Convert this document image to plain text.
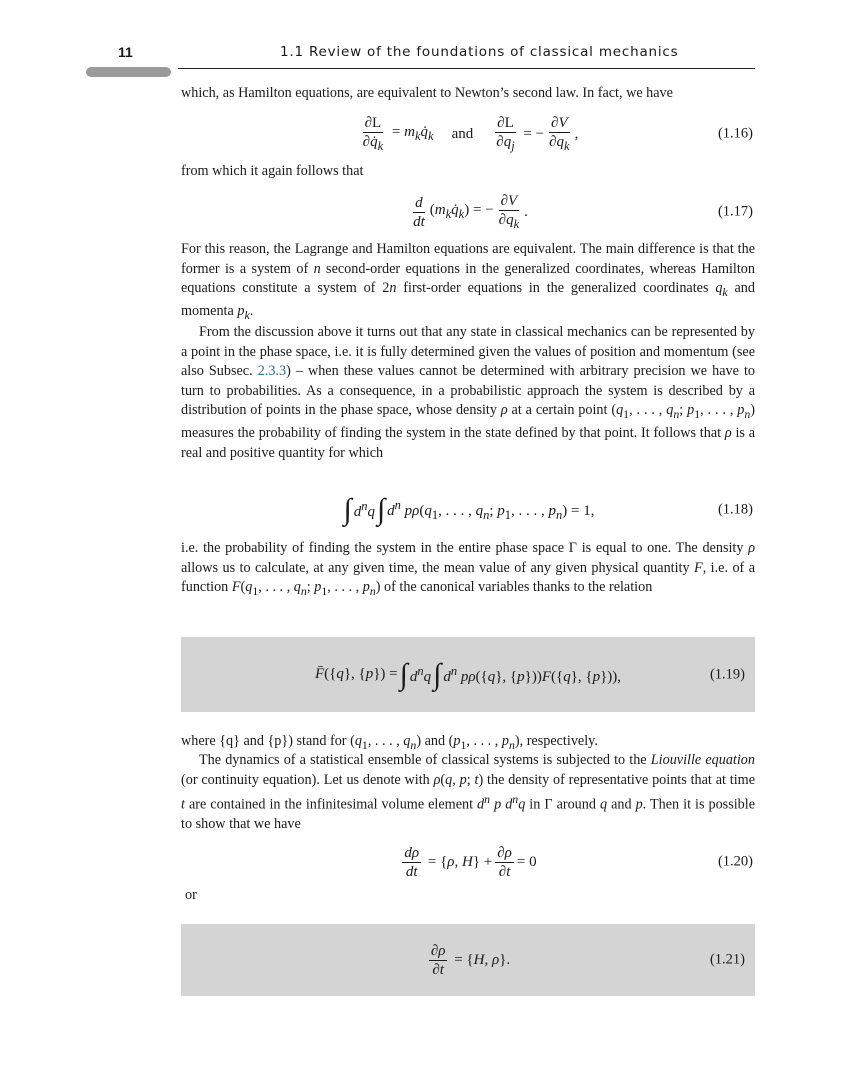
11	1.1 Review of the foundations of classical mechanics
which, as Hamilton equations, are equivalent to Newton’s second law. In fact, we have
$\frac{\partial L}{\partial q̇_k}$ = $m_kq̇_k$ and $\frac{\partial L}{\partial q_j}$ = − $\frac{\partial V}{\partial q_k}$ ,	(1.16)
from which it again follows that
$\frac{d}{dt}$ $(m_kq̇_k)$ = − $\frac{\partial V}{\partial q_k}$ .	(1.17)
For this reason, the Lagrange and Hamilton equations are equivalent. The main difference is that the former is a system of n second-order equations in the generalized coordinates, whereas Hamilton equations constitute a system of 2n first-order equations in the generalized coordinates $q_k$ and momenta $p_k$.
From the discussion above it turns out that any state in classical mechanics can be represented by a point in the phase space, i.e. it is fully determined given the values of position and momentum (see also Subsec. 2.3.3) – when these values cannot be determined with arbitrary precision we have to turn to probabilities. As a consequence, in a probabilistic approach the system is described by a distribution of points in the phase space, whose density ρ at a certain point ($q_1$, . . . , $q_n$; $p_1$, . . . , $p_n$) measures the probability of finding the system in the state defined by that point. It follows that ρ is a real and positive quantity for which
∫ $d^nq$ ∫ $d^n$ $p\rho(q_1$, . . . , $q_n$; $p_1$, . . . , $p_n) = 1$,	(1.18)
i.e. the probability of finding the system in the entire phase space Γ is equal to one. The density ρ allows us to calculate, at any given time, the mean value of any given physical quantity F, i.e. of a function $F(q_1$, . . . , $q_n$; $p_1$, . . . , $p_n$) of the canonical variables thanks to the relation
F̄({q}, {p}) = ∫ $d^nq$ ∫ $d^n$ pρ({q}, {p}))F({q}, {p})),	(1.19)
where {q} and {p}) stand for ($q_1$, . . . , $q_n$) and ($p_1$, . . . , $p_n$), respectively.
The dynamics of a statistical ensemble of classical systems is subjected to the Liouville equation (or continuity equation). Let us denote with ρ(q, p; t) the density of representative points that at time t are contained in the infinitesimal volume element $d^n$ p $d^nq$ in Γ around q and p. Then it is possible to show that we have
$\frac{d\rho}{dt} = \{\rho$, $H\} + \frac{\partial\rho}{\partial t} = 0$	(1.20)
or
$\frac{\partial\rho}{\partial t} = \{H$, ρ}.	(1.21)
